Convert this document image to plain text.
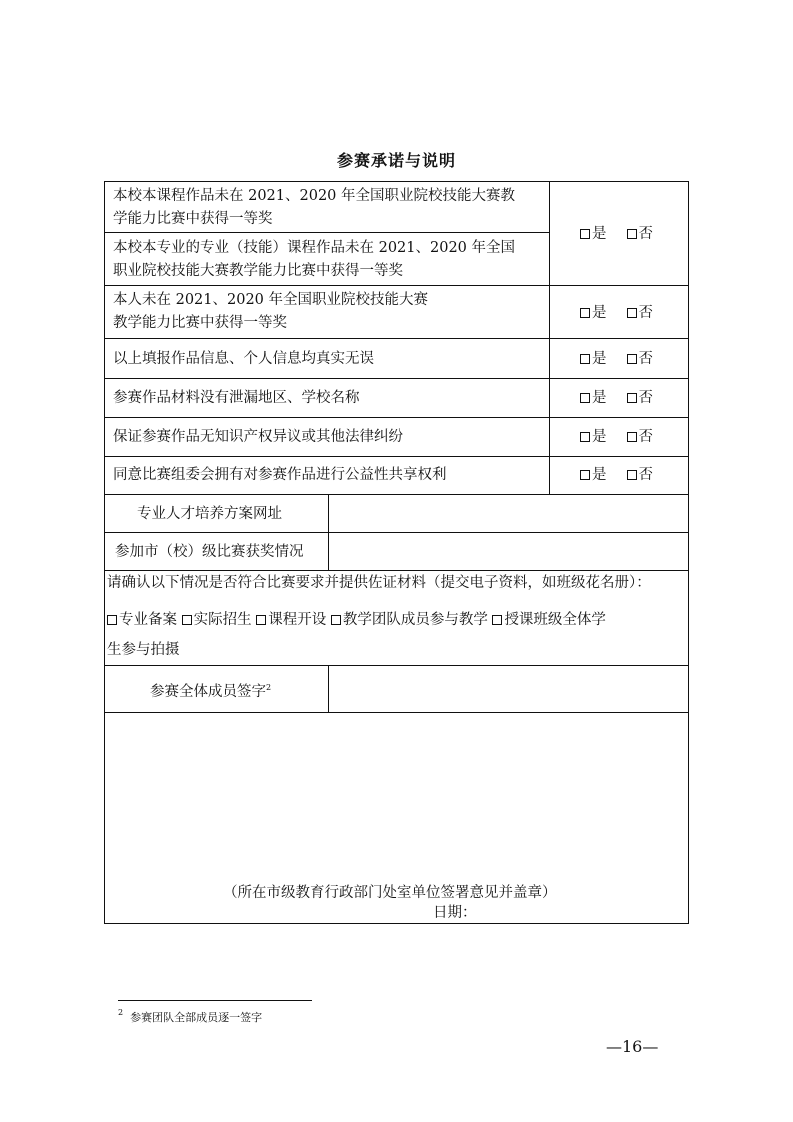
参赛承诺与说明
本校本课程作品未在 2021、2020 年全国职业院校技能大赛教
学能力比赛中获得一等奖
本校本专业的专业（技能）课程作品未在 2021、2020 年全国
职业院校技能大赛教学能力比赛中获得一等奖
是 否
本人未在 2021、2020 年全国职业院校技能大赛
教学能力比赛中获得一等奖
是 否
以上填报作品信息、个人信息均真实无误	是 否
参赛作品材料没有泄漏地区、学校名称	是 否
保证参赛作品无知识产权异议或其他法律纠纷	是 否
同意比赛组委会拥有对参赛作品进行公益性共享权利	是 否
专业人才培养方案网址
参加市（校）级比赛获奖情况
请确认以下情况是否符合比赛要求并提供佐证材料（提交电子资料，如班级花名册）：
专业备案 实际招生 课程开设 教学团队成员参与教学 授课班级全体学
生参与拍摄
参赛全体成员签字$^2$
（所在市级教育行政部门处室单位签署意见并盖章）
日期：
$^2$ 参赛团队全部成员逐一签字
—16—
